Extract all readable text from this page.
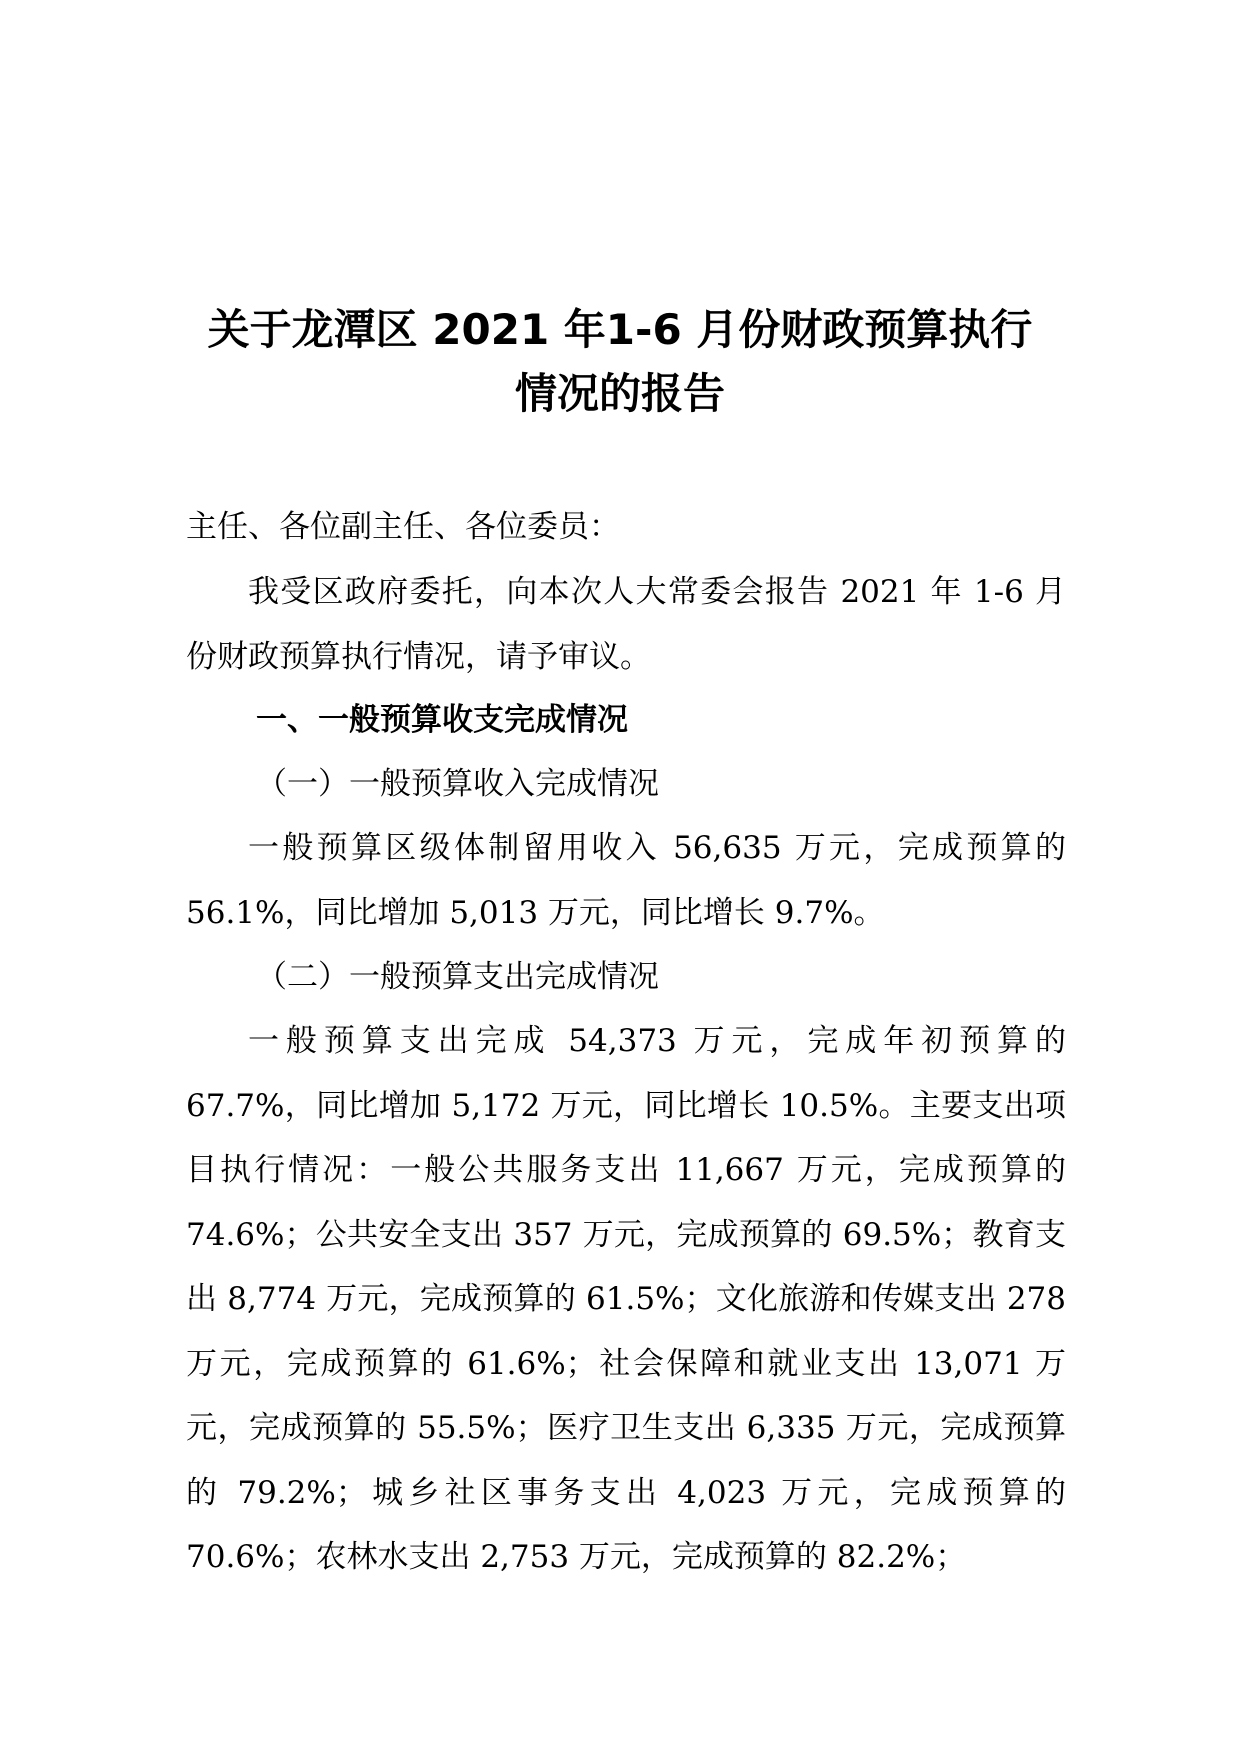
关于龙潭区 2021 年1-6 月份财政预算执行
情况的报告

主任、各位副主任、各位委员：

我受区政府委托，向本次人大常委会报告 2021 年 1-6 月份财政预算执行情况，请予审议。

一、一般预算收支完成情况

（一）一般预算收入完成情况

一般预算区级体制留用收入 56,635 万元，完成预算的 56.1%，同比增加 5,013 万元，同比增长 9.7%。

（二）一般预算支出完成情况

一般预算支出完成 54,373 万元，完成年初预算的 67.7%，同比增加 5,172 万元，同比增长 10.5%。主要支出项目执行情况：一般公共服务支出 11,667 万元，完成预算的 74.6%；公共安全支出 357 万元，完成预算的 69.5%；教育支出 8,774 万元，完成预算的 61.5%；文化旅游和传媒支出 278 万元，完成预算的 61.6%；社会保障和就业支出 13,071 万元，完成预算的 55.5%；医疗卫生支出 6,335 万元，完成预算的 79.2%；城乡社区事务支出 4,023 万元，完成预算的 70.6%；农林水支出 2,753 万元，完成预算的 82.2%；
